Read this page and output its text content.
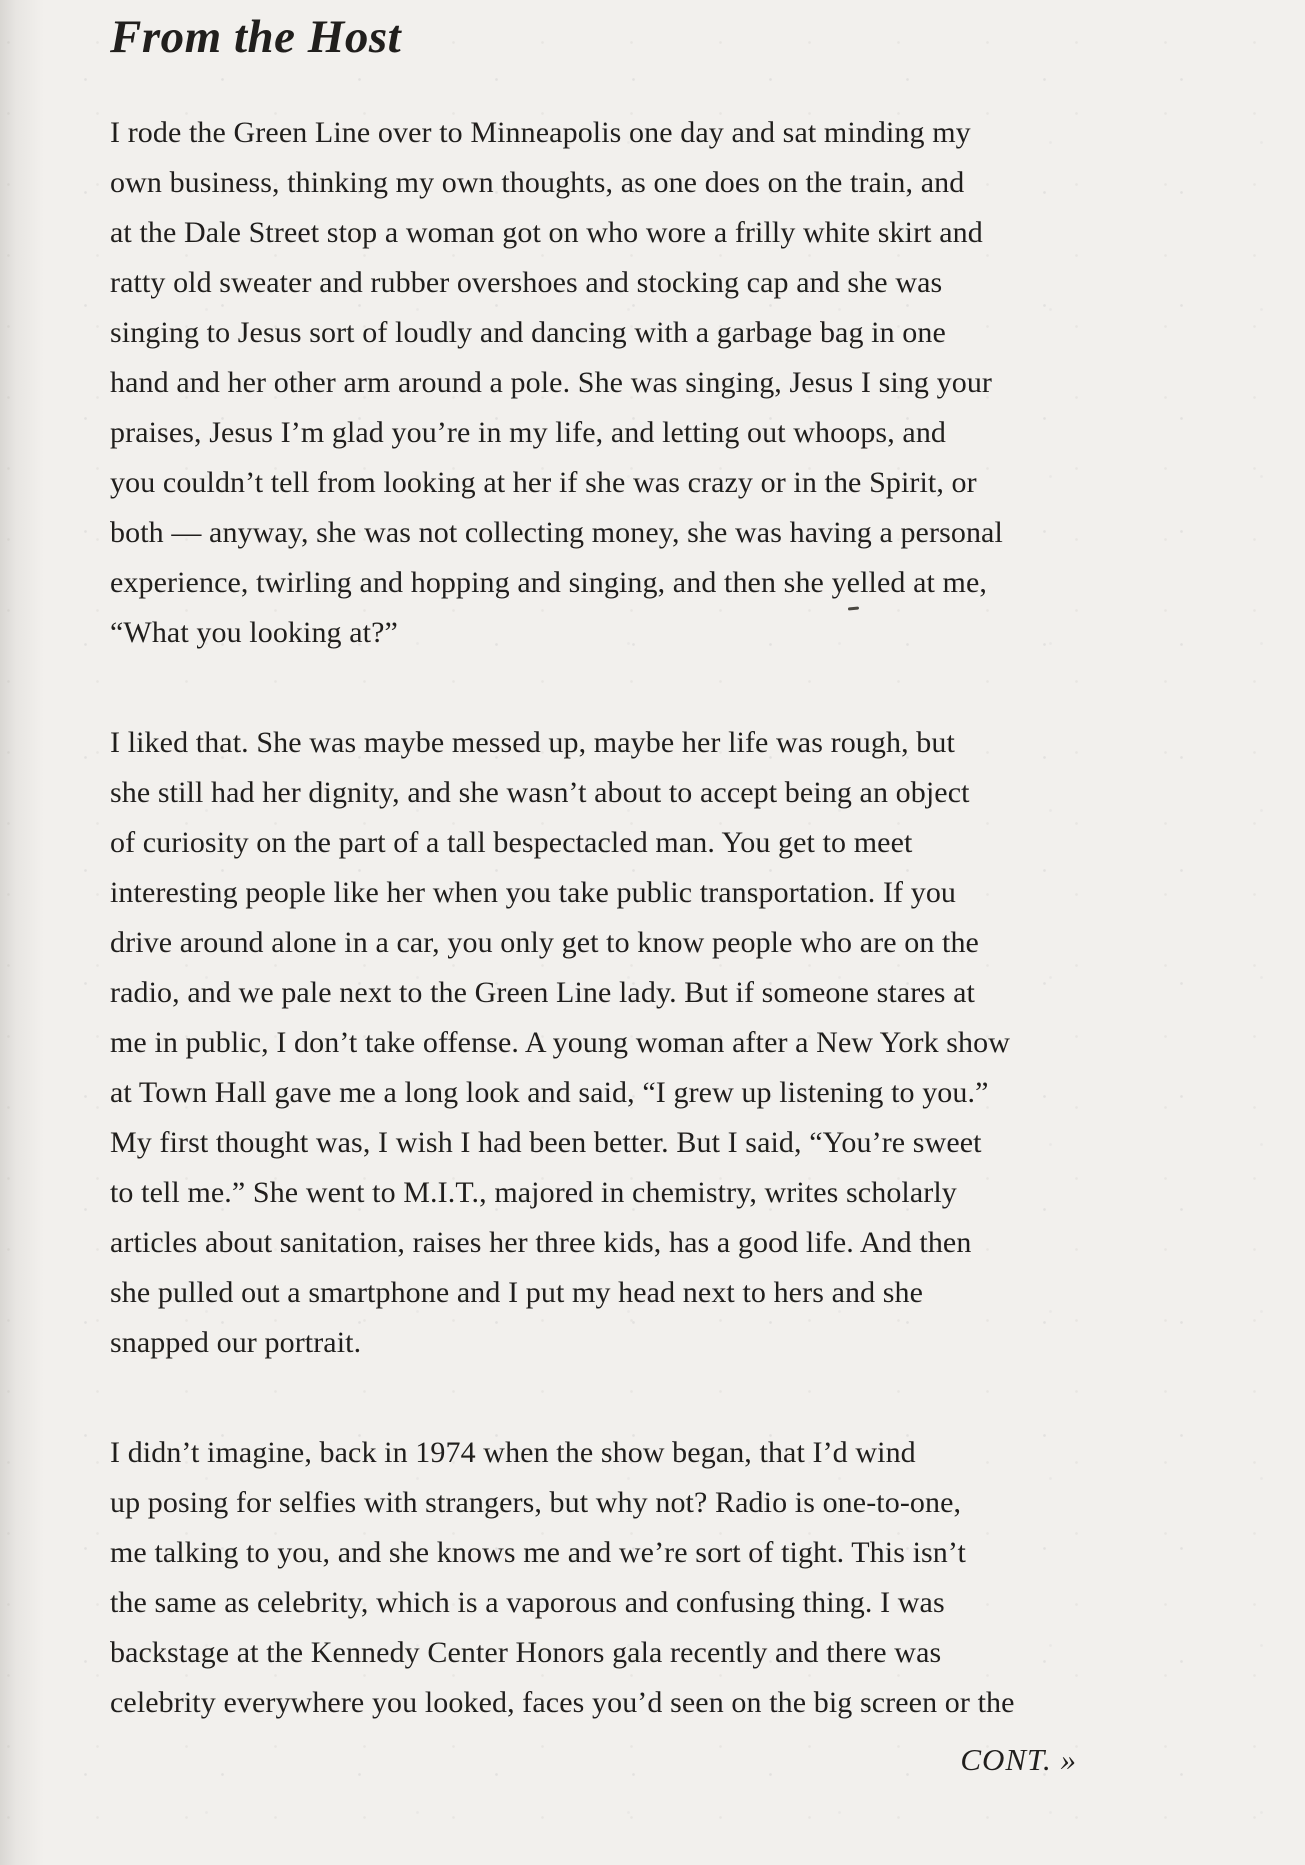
From the Host

I rode the Green Line over to Minneapolis one day and sat minding my
own business, thinking my own thoughts, as one does on the train, and
at the Dale Street stop a woman got on who wore a frilly white skirt and
ratty old sweater and rubber overshoes and stocking cap and she was
singing to Jesus sort of loudly and dancing with a garbage bag in one
hand and her other arm around a pole. She was singing, Jesus I sing your
praises, Jesus I’m glad you’re in my life, and letting out whoops, and
you couldn’t tell from looking at her if she was crazy or in the Spirit, or
both — anyway, she was not collecting money, she was having a personal
experience, twirling and hopping and singing, and then she yelled at me,
“What you looking at?”

I liked that. She was maybe messed up, maybe her life was rough, but
she still had her dignity, and she wasn’t about to accept being an object
of curiosity on the part of a tall bespectacled man. You get to meet
interesting people like her when you take public transportation. If you
drive around alone in a car, you only get to know people who are on the
radio, and we pale next to the Green Line lady. But if someone stares at
me in public, I don’t take offense. A young woman after a New York show
at Town Hall gave me a long look and said, “I grew up listening to you.”
My first thought was, I wish I had been better. But I said, “You’re sweet
to tell me.” She went to M.I.T., majored in chemistry, writes scholarly
articles about sanitation, raises her three kids, has a good life. And then
she pulled out a smartphone and I put my head next to hers and she
snapped our portrait.

I didn’t imagine, back in 1974 when the show began, that I’d wind
up posing for selfies with strangers, but why not? Radio is one-to-one,
me talking to you, and she knows me and we’re sort of tight. This isn’t
the same as celebrity, which is a vaporous and confusing thing. I was
backstage at the Kennedy Center Honors gala recently and there was
celebrity everywhere you looked, faces you’d seen on the big screen or the

CONT. »
